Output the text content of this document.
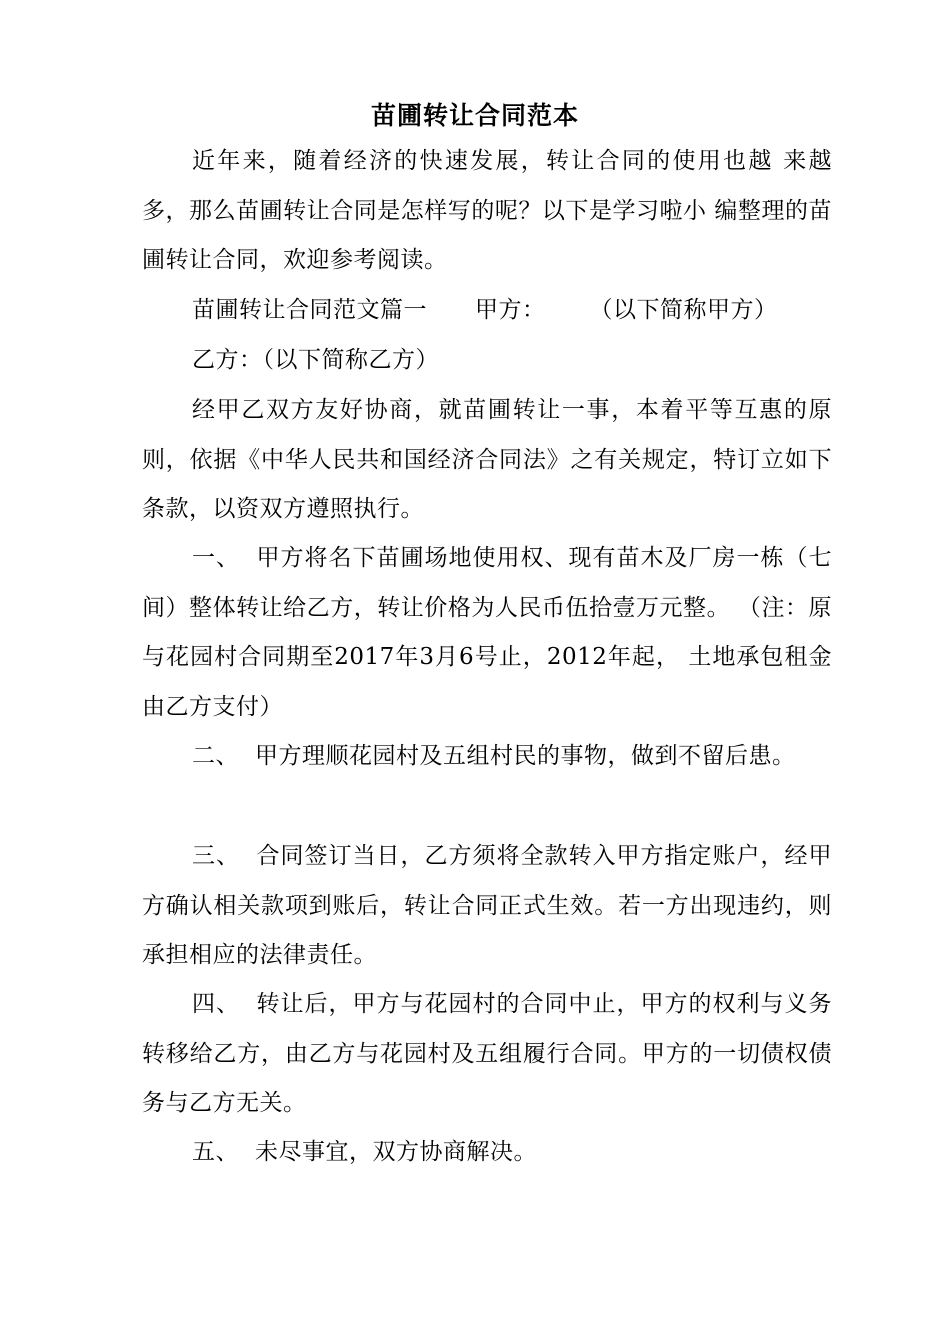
苗圃转让合同范本
近年来，随着经济的快速发展，转让合同的使用也越 来越多，那么苗圃转让合同是怎样写的呢？以下是学习啦小 编整理的苗圃转让合同，欢迎参考阅读。
苗圃转让合同范文篇一 甲方： （以下简称甲方）
乙方：（以下简称乙方）
经甲乙双方友好协商，就苗圃转让一事，本着平等互惠的原则，依据《中华人民共和国经济合同法》之有关规定，特订立如下条款，以资双方遵照执行。
一、 甲方将名下苗圃场地使用权、现有苗木及厂房一栋（七间）整体转让给乙方，转让价格为人民币伍拾壹万元整。 （注：原与花园村合同期至2017年3月6号止，2012年起， 土地承包租金由乙方支付）
二、 甲方理顺花园村及五组村民的事物，做到不留后患。
三、 合同签订当日，乙方须将全款转入甲方指定账户，经甲方确认相关款项到账后，转让合同正式生效。若一方出现违约，则承担相应的法律责任。
四、 转让后，甲方与花园村的合同中止，甲方的权利与义务转移给乙方，由乙方与花园村及五组履行合同。甲方的一切债权债务与乙方无关。
五、 未尽事宜，双方协商解决。
